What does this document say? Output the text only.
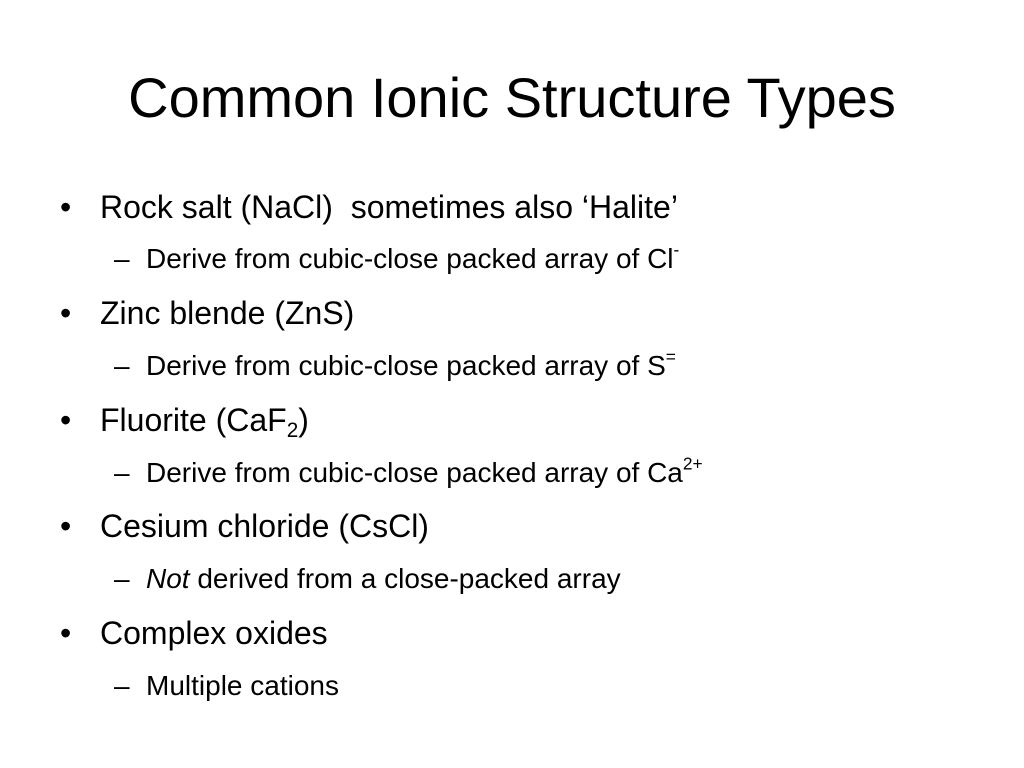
Common Ionic Structure Types
• Rock salt (NaCl)  sometimes also ‘Halite’
– Derive from cubic-close packed array of Cl-
• Zinc blende (ZnS)
– Derive from cubic-close packed array of S=
• Fluorite (CaF$_2$)
– Derive from cubic-close packed array of $Ca^{2+}$
• Cesium chloride (CsCl)
– Not derived from a close-packed array
• Complex oxides
– Multiple cations
